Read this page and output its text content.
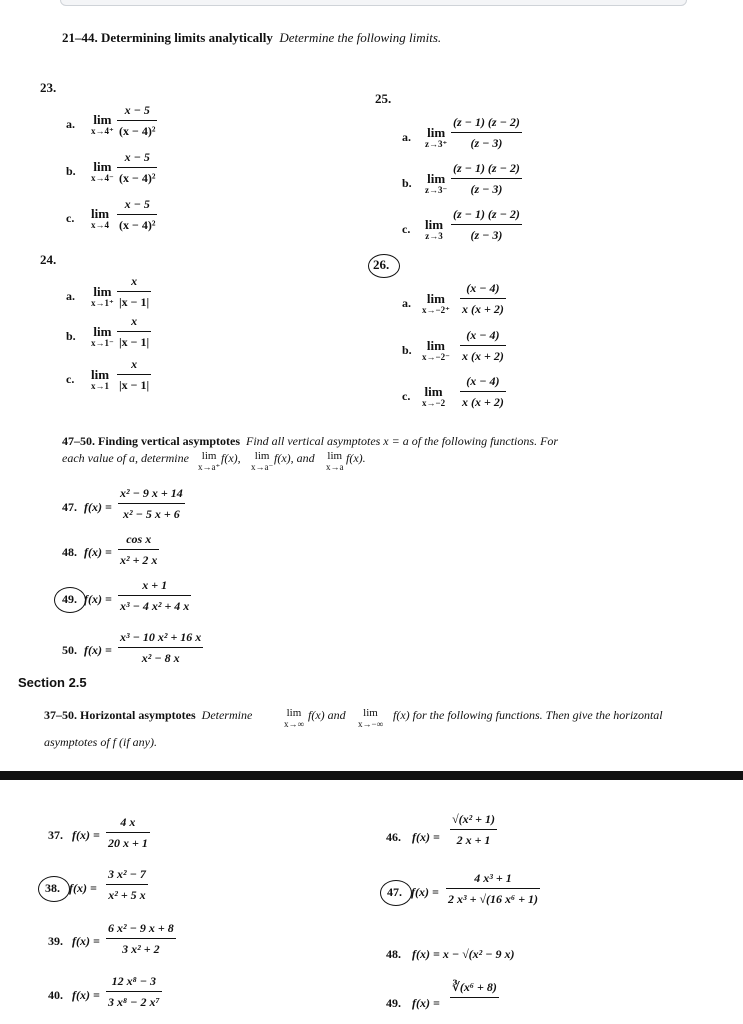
21–44. Determining limits analytically Determine the following limits.
23.
a. lim
x→4⁺
x − 5
(x − 4)²
b. lim
x→4⁻
x − 5
(x − 4)²
c. lim
x→4
x − 5
(x − 4)²
24.
a. lim
x→1⁺
x
|x − 1|
b. lim
x→1⁻
x
|x − 1|
c. lim
x→1
x
|x − 1|
25.
a. lim
z→3⁺
(z − 1) (z − 2)
(z − 3)
b. lim
z→3⁻
(z − 1) (z − 2)
(z − 3)
c. lim
z→3
(z − 1) (z − 2)
(z − 3)
26.
a. lim
x→−2⁺
(x − 4)
x (x + 2)
b. lim
x→−2⁻
(x − 4)
x (x + 2)
c. lim
x→−2
(x − 4)
x (x + 2)
47–50. Finding vertical asymptotes Find all vertical asymptotes x = a of the following functions. For
each value of a, determine lim
x→a⁺
f(x), lim
x→a⁻
f(x), and lim
x→a
f(x).
47. f(x) =
x² − 9 x + 14
x² − 5 x + 6
48. f(x) =
cos x
x² + 2 x
49. f(x) =
x + 1
x³ − 4 x² + 4 x
50. f(x) =
x³ − 10 x² + 16 x
x² − 8 x
Section 2.5
37–50. Horizontal asymptotes Determine	lim
x→∞
f(x) and lim
x→−∞
f(x) for the following functions. Then give the horizontal
asymptotes of f (if any).
37. f(x) =
4 x
20 x + 1
38. f(x) =
3 x² − 7
x² + 5 x
39. f(x) =
6 x² − 9 x + 8
3 x² + 2
40. f(x) =
12 x⁸ − 3
3 x⁸ − 2 x⁷
46. f(x) =
√(x² + 1)
2 x + 1
47. f(x) =
4 x³ + 1
2 x³ + √(16 x⁶ + 1)
48. f(x) = x − √(x² − 9 x)
49. f(x) =
∛(x⁶ + 8)
